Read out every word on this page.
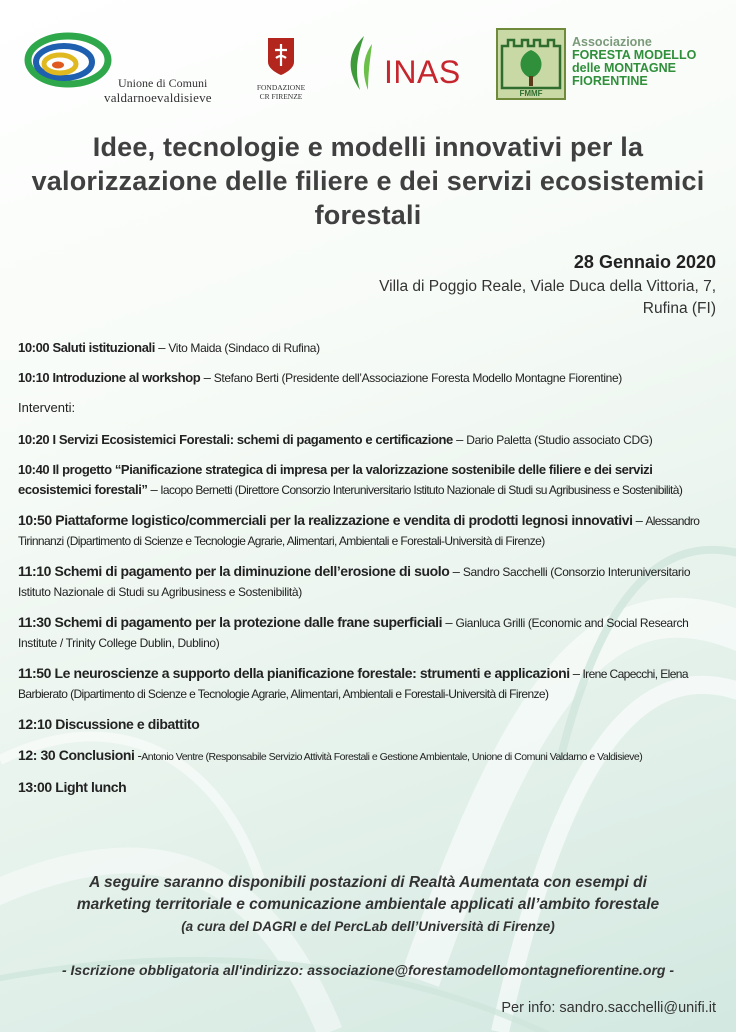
Unione di Comuni
valdarnoevaldisieve
FONDAZIONE
CR FIRENZE
INAS
FMMF
Associazione
FORESTA MODELLO
delle MONTAGNE
FIORENTINE
Idee, tecnologie e modelli innovativi per la valorizzazione delle filiere e dei servizi ecosistemici forestali
28 Gennaio 2020
Villa di Poggio Reale, Viale Duca della Vittoria, 7,
Rufina (FI)
10:00 Saluti istituzionali – Vito Maida (Sindaco di Rufina)
10:10 Introduzione al workshop – Stefano Berti (Presidente dell’Associazione Foresta Modello Montagne Fiorentine)
Interventi:
10:20 I Servizi Ecosistemici Forestali: schemi di pagamento e certificazione – Dario Paletta (Studio associato CDG)
10:40 Il progetto “Pianificazione strategica di impresa per la valorizzazione sostenibile delle filiere e dei servizi ecosistemici forestali” – Iacopo Bernetti (Direttore Consorzio Interuniversitario Istituto Nazionale di Studi su Agribusiness e Sostenibilità)
10:50 Piattaforme logistico/commerciali per la realizzazione e vendita di prodotti legnosi innovativi – Alessandro Tirinnanzi (Dipartimento di Scienze e Tecnologie Agrarie, Alimentari, Ambientali e Forestali-Università di Firenze)
11:10 Schemi di pagamento per la diminuzione dell’erosione di suolo – Sandro Sacchelli (Consorzio Interuniversitario Istituto Nazionale di Studi su Agribusiness e Sostenibilità)
11:30 Schemi di pagamento per la protezione dalle frane superficiali – Gianluca Grilli (Economic and Social Research Institute / Trinity College Dublin, Dublino)
11:50 Le neuroscienze a supporto della pianificazione forestale: strumenti e applicazioni – Irene Capecchi, Elena Barbierato (Dipartimento di Scienze e Tecnologie Agrarie, Alimentari, Ambientali e Forestali-Università di Firenze)
12:10 Discussione e dibattito
12: 30 Conclusioni -Antonio Ventre (Responsabile Servizio Attività Forestali e Gestione Ambientale, Unione di Comuni Valdarno e Valdisieve)
13:00 Light lunch
A seguire saranno disponibili postazioni di Realtà Aumentata con esempi di
marketing territoriale e comunicazione ambientale applicati all’ambito forestale
(a cura del DAGRI e del PercLab dell’Università di Firenze)
- Iscrizione obbligatoria all'indirizzo: associazione@forestamodellomontagnefiorentine.org -
Per info: sandro.sacchelli@unifi.it
